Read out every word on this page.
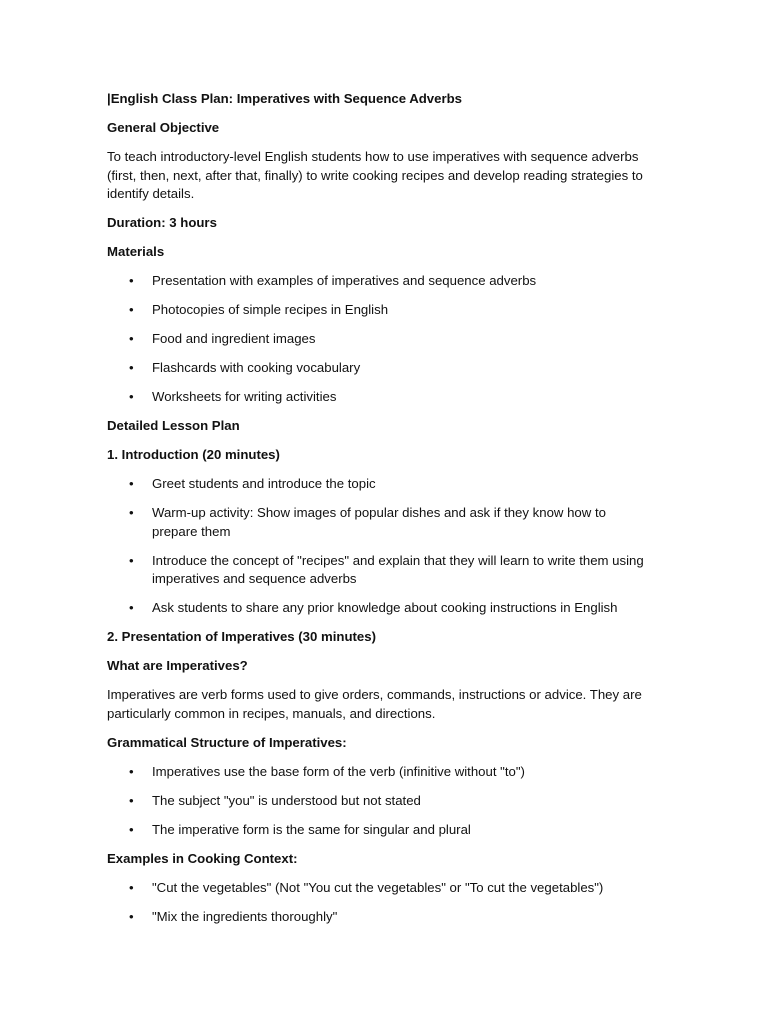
|English Class Plan: Imperatives with Sequence Adverbs

General Objective

To teach introductory-level English students how to use imperatives with sequence adverbs (first, then, next, after that, finally) to write cooking recipes and develop reading strategies to identify details.

Duration: 3 hours

Materials

• Presentation with examples of imperatives and sequence adverbs
• Photocopies of simple recipes in English
• Food and ingredient images
• Flashcards with cooking vocabulary
• Worksheets for writing activities

Detailed Lesson Plan

1. Introduction (20 minutes)

• Greet students and introduce the topic
• Warm-up activity: Show images of popular dishes and ask if they know how to prepare them
• Introduce the concept of "recipes" and explain that they will learn to write them using imperatives and sequence adverbs
• Ask students to share any prior knowledge about cooking instructions in English

2. Presentation of Imperatives (30 minutes)

What are Imperatives?

Imperatives are verb forms used to give orders, commands, instructions or advice. They are particularly common in recipes, manuals, and directions.

Grammatical Structure of Imperatives:

• Imperatives use the base form of the verb (infinitive without "to")
• The subject "you" is understood but not stated
• The imperative form is the same for singular and plural

Examples in Cooking Context:

• "Cut the vegetables" (Not "You cut the vegetables" or "To cut the vegetables")
• "Mix the ingredients thoroughly"
